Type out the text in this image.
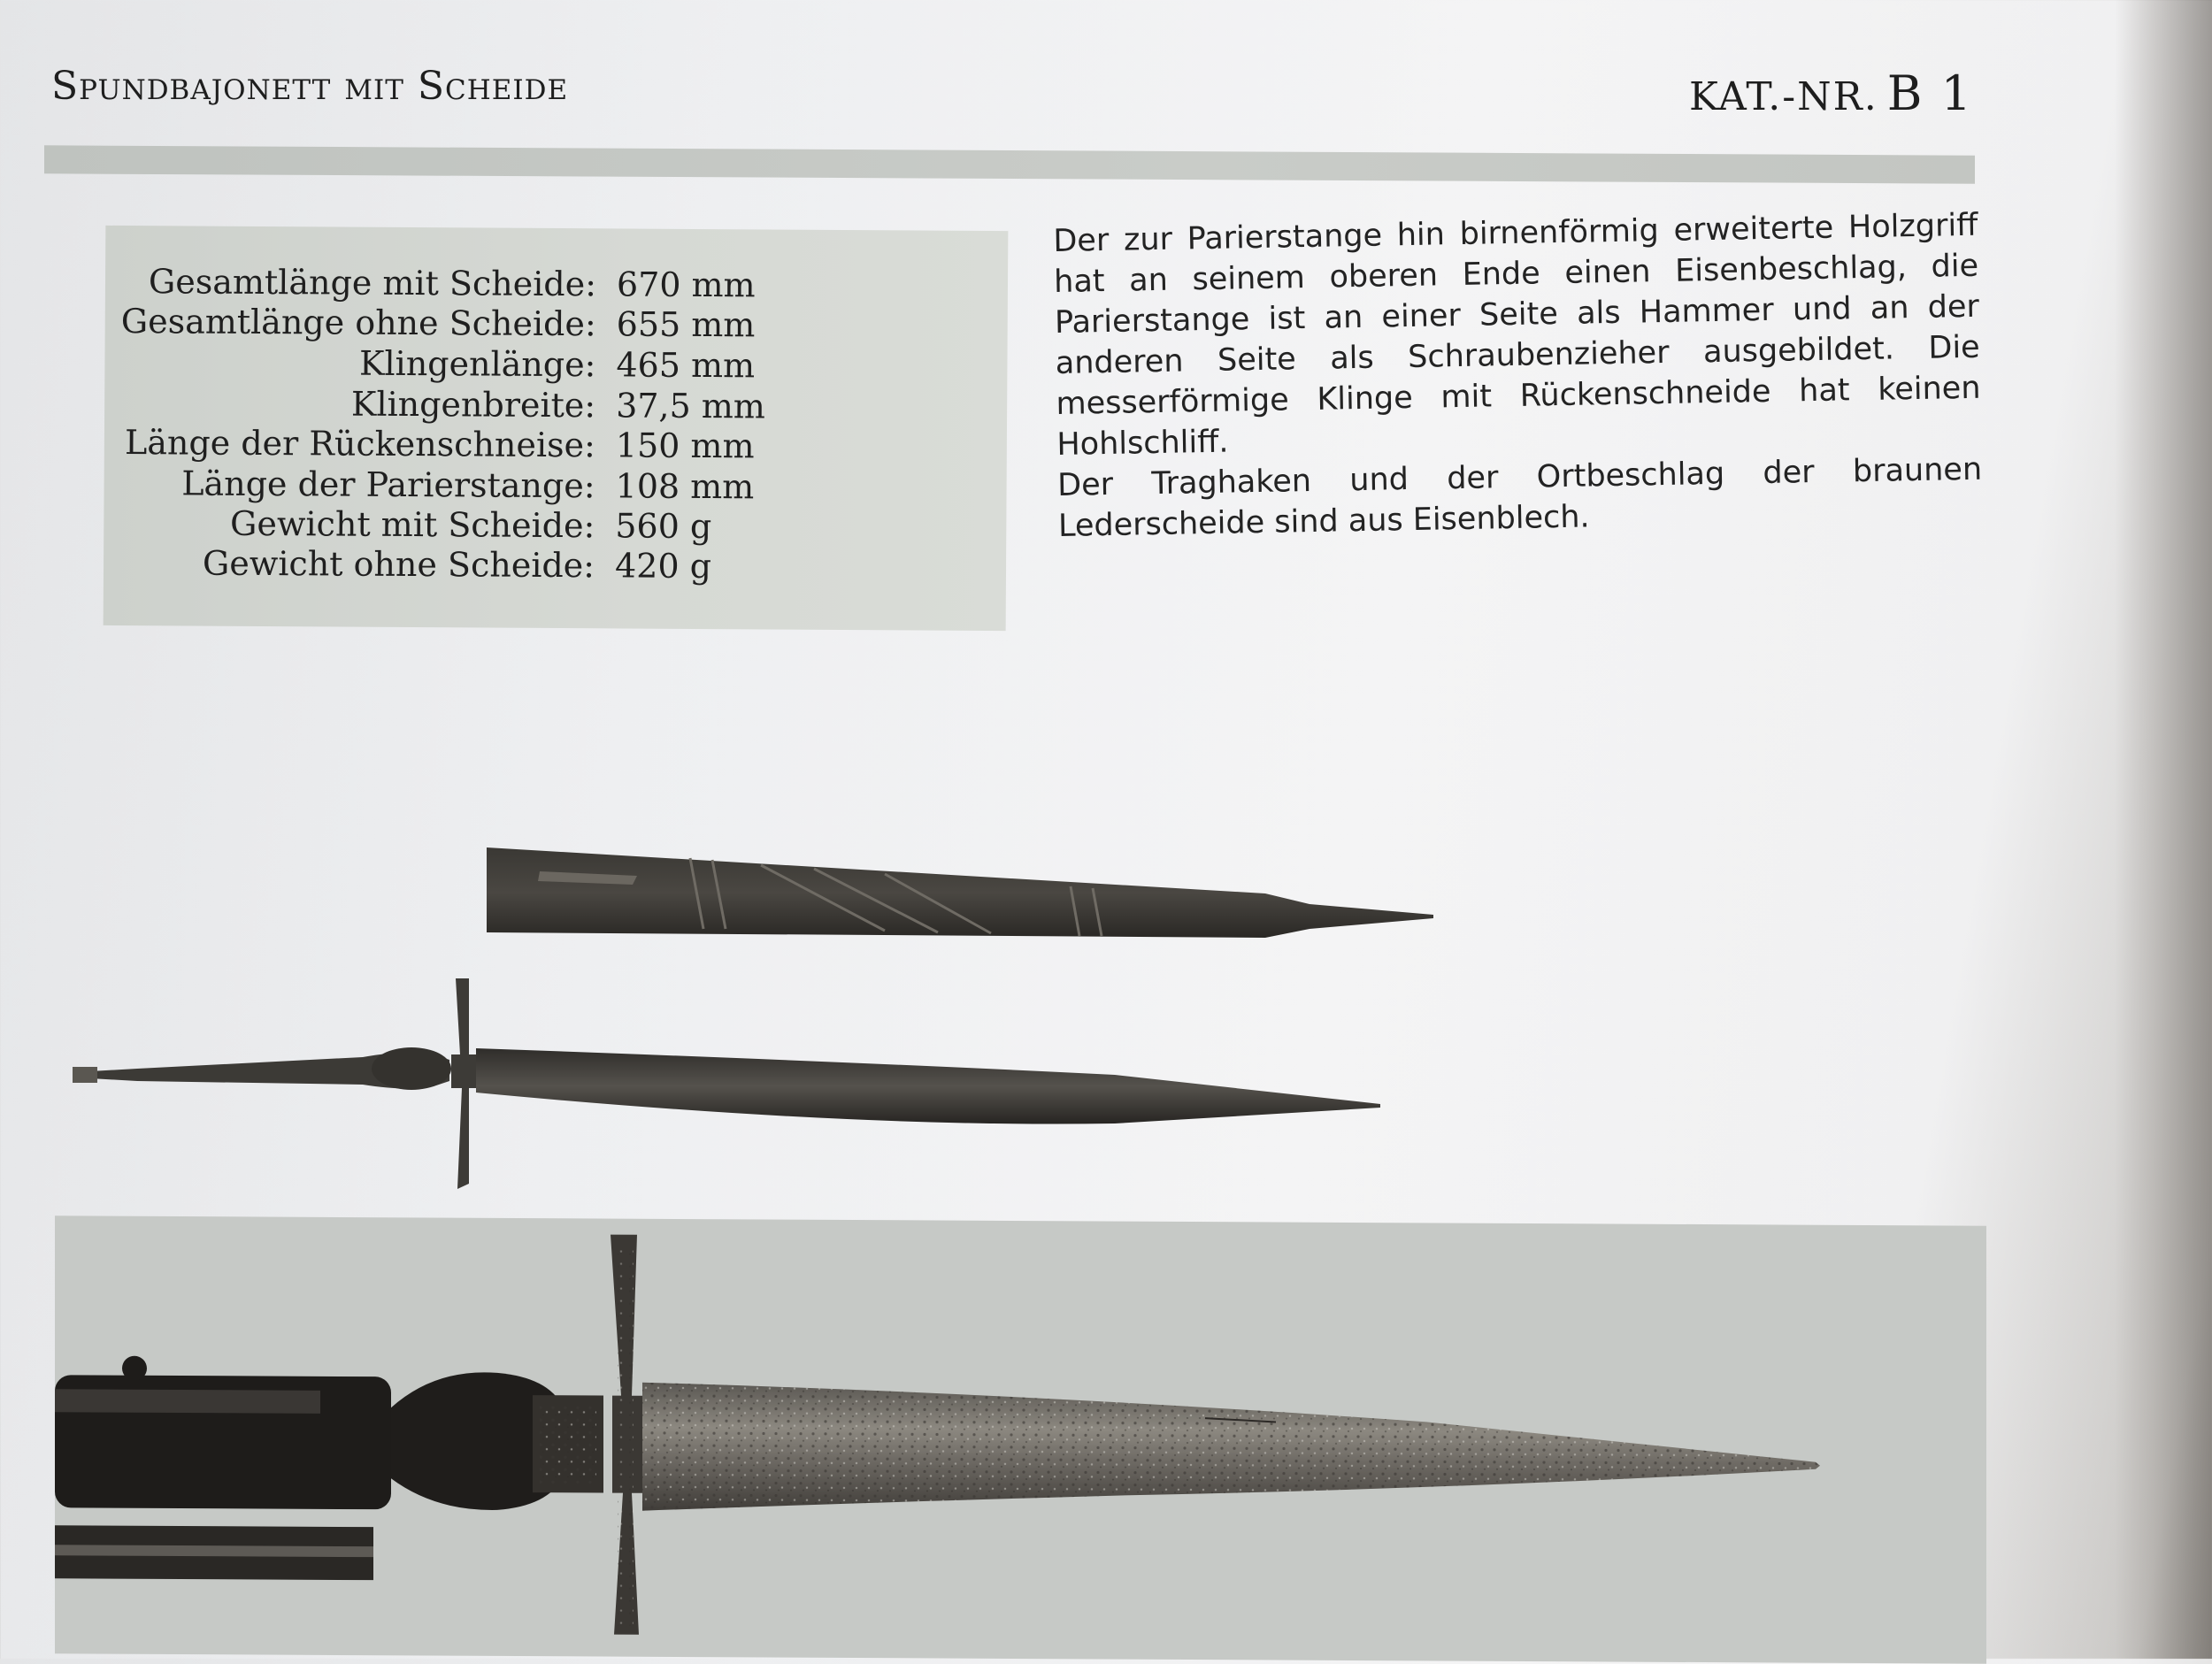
Spundbajonett mit Scheide	KAT.-NR. B 1
Gesamtlänge mit Scheide: 670 mm
Gesamtlänge ohne Scheide: 655 mm
Klingenlänge: 465 mm
Klingenbreite: 37,5 mm
Länge der Rückenschneise: 150 mm
Länge der Parierstange: 108 mm
Gewicht mit Scheide: 560 g
Gewicht ohne Scheide: 420 g

Der zur Parierstange hin birnenförmig erweiterte Holzgriff hat an seinem oberen Ende einen Eisenbeschlag, die Parierstange ist an einer Seite als Hammer und an der anderen Seite als Schraubenzieher ausgebildet. Die messerförmige Klinge mit Rückenschneide hat keinen Hohlschliff.

Der Traghaken und der Ortbeschlag der braunen Lederscheide sind aus Eisenblech.
